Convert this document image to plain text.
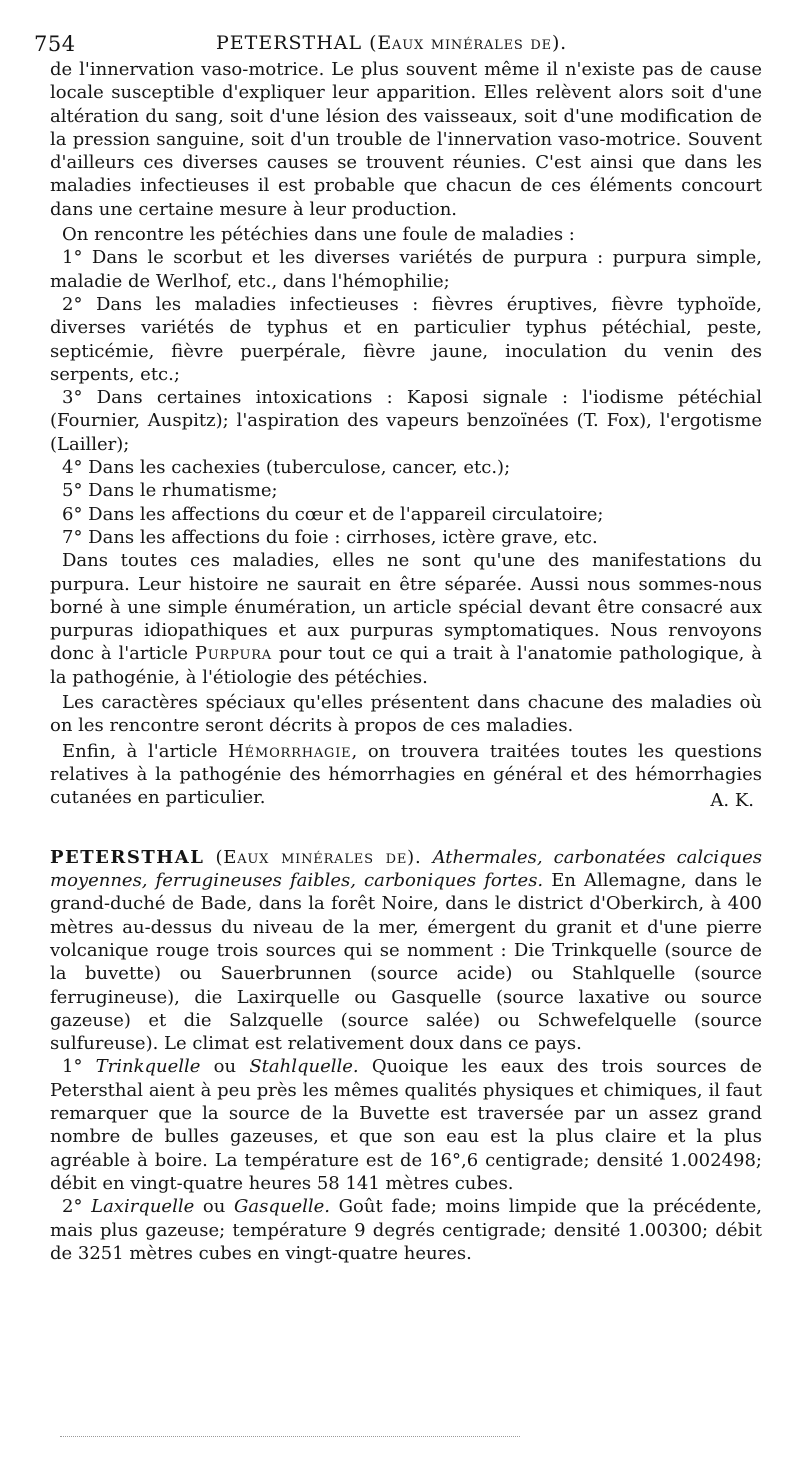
754	PETERSTHAL (Eaux minérales de).

de l'innervation vaso-motrice. Le plus souvent même il n'existe pas de cause locale susceptible d'expliquer leur apparition. Elles relèvent alors soit d'une altération du sang, soit d'une lésion des vaisseaux, soit d'une modification de la pression sanguine, soit d'un trouble de l'innervation vaso-motrice. Souvent d'ailleurs ces diverses causes se trouvent réunies. C'est ainsi que dans les maladies infectieuses il est probable que chacun de ces éléments concourt dans une certaine mesure à leur production.

On rencontre les pétéchies dans une foule de maladies :

1° Dans le scorbut et les diverses variétés de purpura : purpura simple, maladie de Werlhof, etc., dans l'hémophilie;

2° Dans les maladies infectieuses : fièvres éruptives, fièvre typhoïde, diverses variétés de typhus et en particulier typhus pétéchial, peste, septicémie, fièvre puerpérale, fièvre jaune, inoculation du venin des serpents, etc.;

3° Dans certaines intoxications : Kaposi signale : l'iodisme pétéchial (Fournier, Auspitz); l'aspiration des vapeurs benzoïnées (T. Fox), l'ergotisme (Lailler);

4° Dans les cachexies (tuberculose, cancer, etc.);

5° Dans le rhumatisme;

6° Dans les affections du cœur et de l'appareil circulatoire;

7° Dans les affections du foie : cirrhoses, ictère grave, etc.

Dans toutes ces maladies, elles ne sont qu'une des manifestations du purpura. Leur histoire ne saurait en être séparée. Aussi nous sommes-nous borné à une simple énumération, un article spécial devant être consacré aux purpuras idiopathiques et aux purpuras symptomatiques. Nous renvoyons donc à l'article Purpura pour tout ce qui a trait à l'anatomie pathologique, à la pathogénie, à l'étiologie des pétéchies.

Les caractères spéciaux qu'elles présentent dans chacune des maladies où on les rencontre seront décrits à propos de ces maladies.

Enfin, à l'article Hémorrhagie, on trouvera traitées toutes les questions relatives à la pathogénie des hémorrhagies en général et des hémorrhagies cutanées en particulier.	A. K.

PETERSTHAL (Eaux minérales de). Athermales, carbonatées calciques moyennes, ferrugineuses faibles, carboniques fortes. En Allemagne, dans le grand-duché de Bade, dans la forêt Noire, dans le district d'Oberkirch, à 400 mètres au-dessus du niveau de la mer, émergent du granit et d'une pierre volcanique rouge trois sources qui se nomment : Die Trinkquelle (source de la buvette) ou Sauerbrunnen (source acide) ou Stahlquelle (source ferrugineuse), die Laxirquelle ou Gasquelle (source laxative ou source gazeuse) et die Salzquelle (source salée) ou Schwefelquelle (source sulfureuse). Le climat est relativement doux dans ce pays.

1° Trinkquelle ou Stahlquelle. Quoique les eaux des trois sources de Petersthal aient à peu près les mêmes qualités physiques et chimiques, il faut remarquer que la source de la Buvette est traversée par un assez grand nombre de bulles gazeuses, et que son eau est la plus claire et la plus agréable à boire. La température est de 16°,6 centigrade; densité 1.002498; débit en vingt-quatre heures 58 141 mètres cubes.

2° Laxirquelle ou Gasquelle. Goût fade; moins limpide que la précédente, mais plus gazeuse; température 9 degrés centigrade; densité 1.00300; débit de 3251 mètres cubes en vingt-quatre heures.
